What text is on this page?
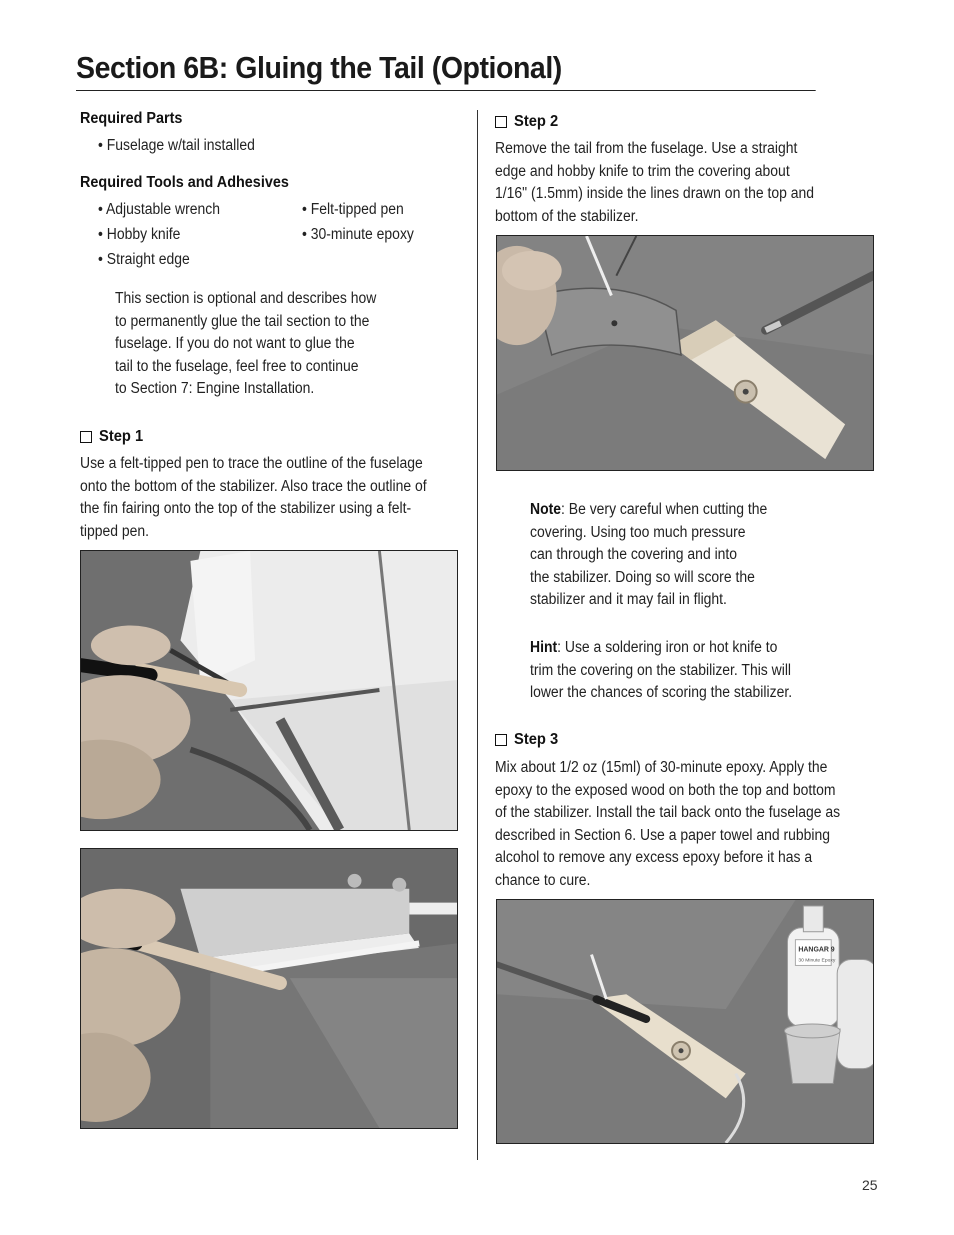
Section 6B: Gluing the Tail (Optional)
Required Parts
• Fuselage w/tail installed
Required Tools and Adhesives
• Adjustable wrench	• Felt-tipped pen
• Hobby knife	• 30-minute epoxy
• Straight edge
This section is optional and describes how
to permanently glue the tail section to the
fuselage. If you do not want to glue the
tail to the fuselage, feel free to continue
to Section 7: Engine Installation.
Step 1
Use a felt-tipped pen to trace the outline of the fuselage
onto the bottom of the stabilizer. Also trace the outline of
the fin fairing onto the top of the stabilizer using a felt-
tipped pen.
Step 2
Remove the tail from the fuselage. Use a straight
edge and hobby knife to trim the covering about
1/16" (1.5mm) inside the lines drawn on the top and
bottom of the stabilizer.
Note: Be very careful when cutting the
covering. Using too much pressure
can through the covering and into
the stabilizer. Doing so will score the
stabilizer and it may fail in flight.
Hint: Use a soldering iron or hot knife to
trim the covering on the stabilizer. This will
lower the chances of scoring the stabilizer.
Step 3
Mix about 1/2 oz (15ml) of 30-minute epoxy. Apply the
epoxy to the exposed wood on both the top and bottom
of the stabilizer. Install the tail back onto the fuselage as
described in Section 6. Use a paper towel and rubbing
alcohol to remove any excess epoxy before it has a
chance to cure.
HANGAR 9
30 Minute Epoxy
25
